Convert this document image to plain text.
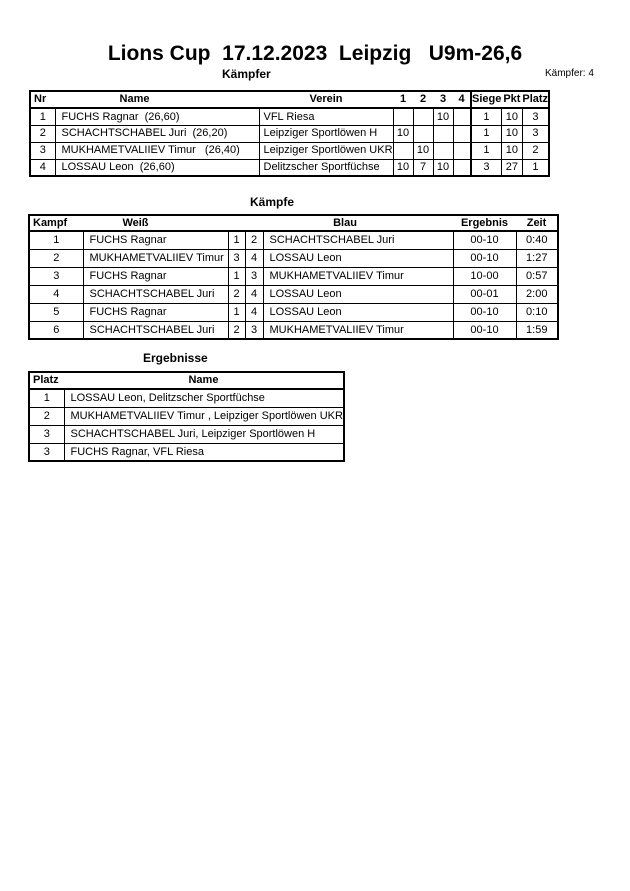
Lions Cup  17.12.2023  Leipzig   U9m-26,6
Kämpfer	Kämpfer: 4
Nr	Name	Verein	1	2	3	4	Siege	Pkt	Platz
1	FUCHS Ragnar  (26,60)	VFL Riesa			10		1	10	3
2	SCHACHTSCHABEL Juri  (26,20)	Leipziger Sportlöwen H	10				1	10	3
3	MUKHAMETVALIIEV Timur   (26,40)	Leipziger Sportlöwen UKR		10			1	10	2
4	LOSSAU Leon  (26,60)	Delitzscher Sportfüchse	10	7	10		3	27	1
Kämpfe
Kampf	Weiß			Blau	Ergebnis	Zeit
1	FUCHS Ragnar	1	2	SCHACHTSCHABEL Juri	00-10	0:40
2	MUKHAMETVALIIEV Timur	3	4	LOSSAU Leon	00-10	1:27
3	FUCHS Ragnar	1	3	MUKHAMETVALIIEV Timur	10-00	0:57
4	SCHACHTSCHABEL Juri	2	4	LOSSAU Leon	00-01	2:00
5	FUCHS Ragnar	1	4	LOSSAU Leon	00-10	0:10
6	SCHACHTSCHABEL Juri	2	3	MUKHAMETVALIIEV Timur	00-10	1:59
Ergebnisse
Platz	Name
1	LOSSAU Leon, Delitzscher Sportfüchse
2	MUKHAMETVALIIEV Timur , Leipziger Sportlöwen UKR
3	SCHACHTSCHABEL Juri, Leipziger Sportlöwen H
3	FUCHS Ragnar, VFL Riesa
